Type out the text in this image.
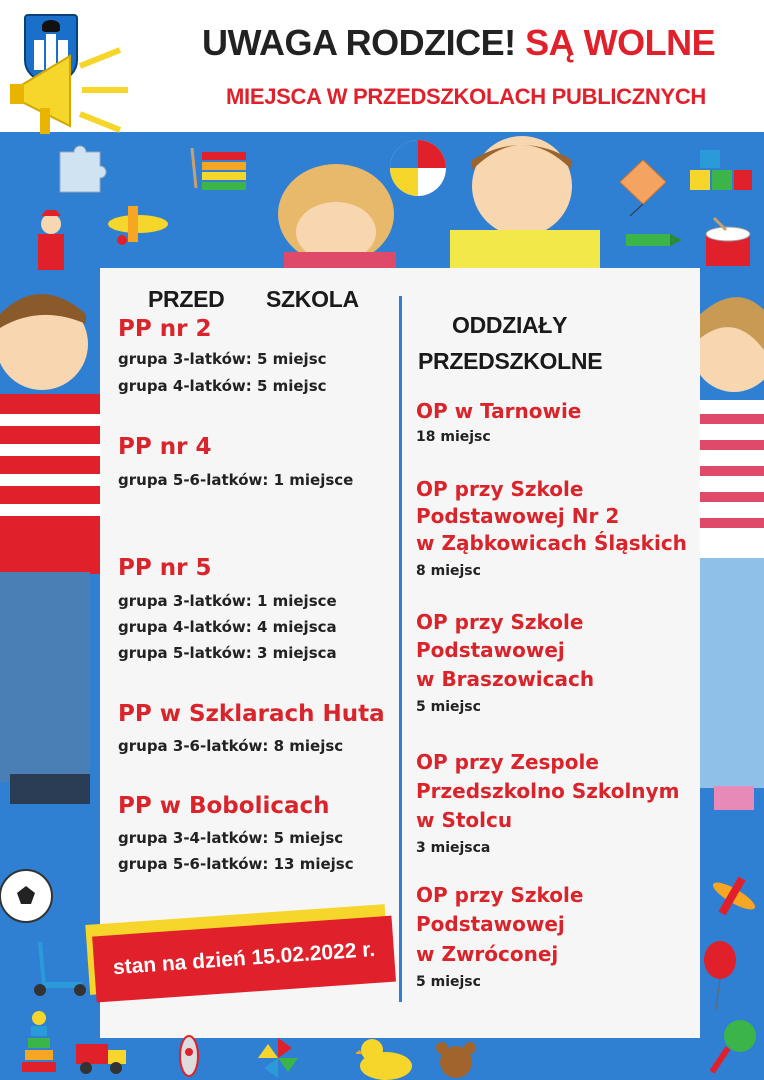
UWAGA RODZICE! SĄ WOLNE
MIEJSCA W PRZEDSZKOLACH PUBLICZNYCH
PRZED SZKOLA
PP nr 2
grupa 3-latków: 5 miejsc
grupa 4-latków: 5 miejsc
PP nr 4
grupa 5-6-latków: 1 miejsce
PP nr 5
grupa 3-latków: 1 miejsce
grupa 4-latków: 4 miejsca
grupa 5-latków: 3 miejsca
PP w Szklarach Huta
grupa 3-6-latków: 8 miejsc
PP w Bobolicach
grupa 3-4-latków: 5 miejsc
grupa 5-6-latków: 13 miejsc
ODDZIAŁY
PRZEDSZKOLNE
OP w Tarnowie
18 miejsc
OP przy Szkole
Podstawowej Nr 2
w Ząbkowicach Śląskich
8 miejsc
OP przy Szkole
Podstawowej
w Braszowicach
5 miejsc
OP przy Zespole
Przedszkolno Szkolnym
w Stolcu
3 miejsca
OP przy Szkole
Podstawowej
w Zwróconej
5 miejsc
stan na dzień 15.02.2022 r.
